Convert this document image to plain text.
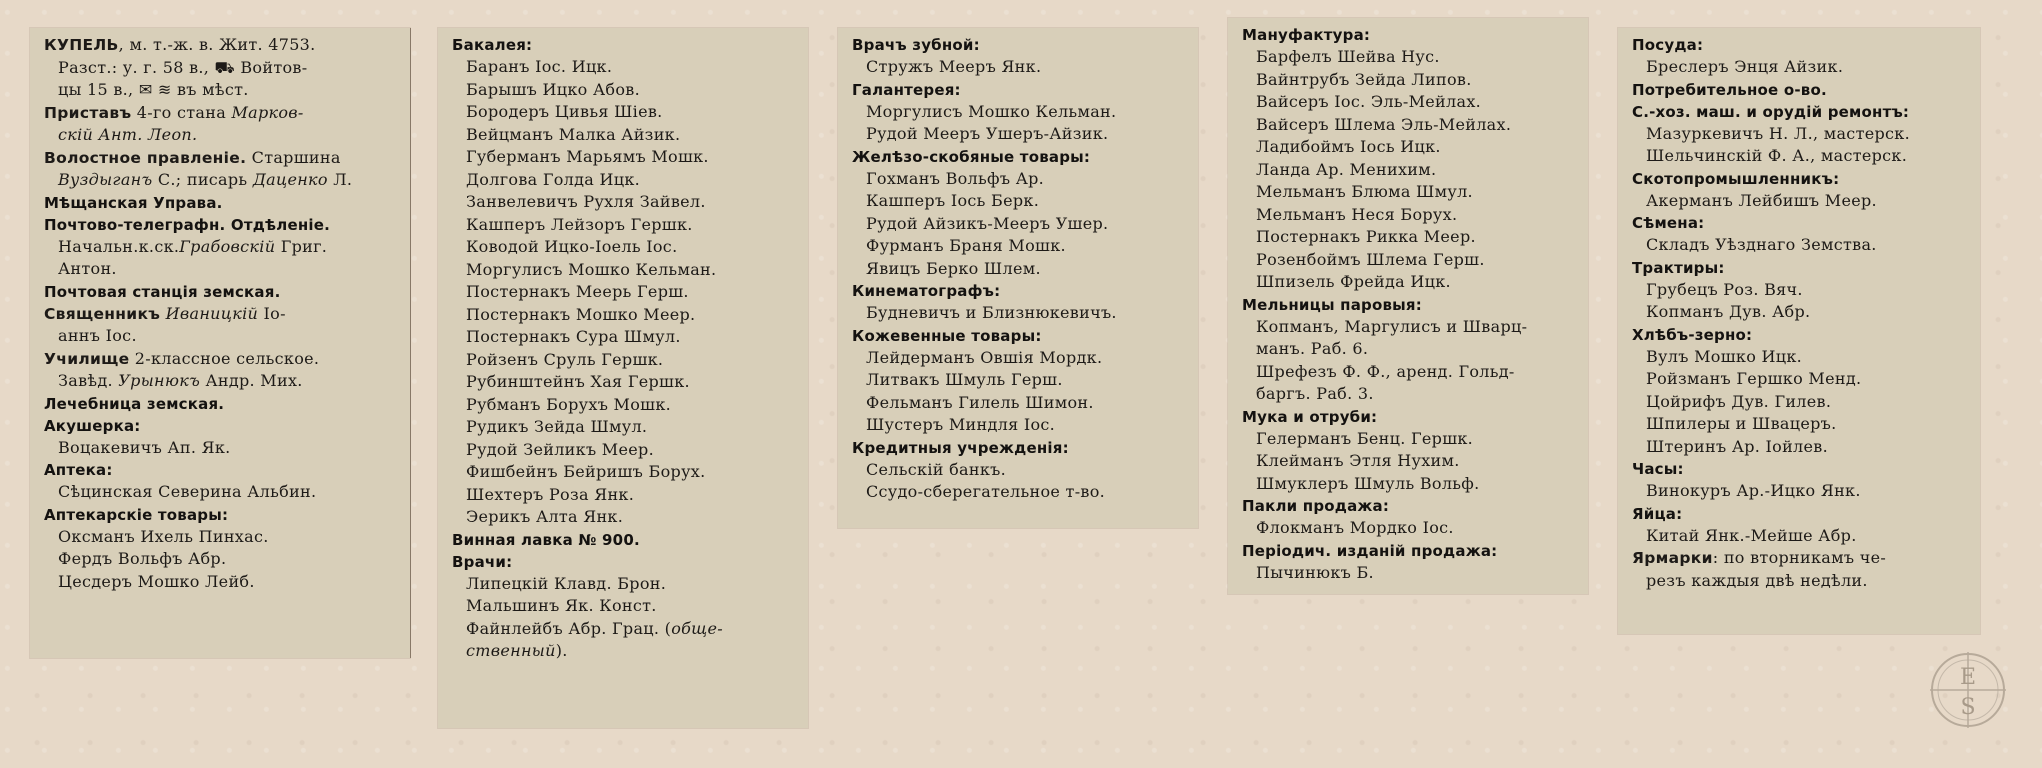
КУПЕЛЬ, м. т.-ж. в. Жит. 4753.
Разст.: у. г. 58 в., ⛟ Войтов-
цы 15 в., ✉ ≋ въ мѣст.
Приставъ 4-го стана Марков-
скій Ант. Леоп.
Волостное правленіе. Старшина
Вуздыганъ С.; писарь Даценко Л.
Мѣщанская Управа.
Почтово-телеграфн. Отдѣленіе.
Начальн.к.ск.Грабовскій Григ.
Антон.
Почтовая станція земская.
Священникъ Иваницкій Іо-
аннъ Іос.
Училище 2-классное сельское.
Завѣд. Урынюкъ Андр. Мих.
Лечебница земская.
Акушерка:
Воцакевичъ Ап. Як.
Аптека:
Сѣцинская Северина Альбин.
Аптекарскіе товары:
Оксманъ Ихель Пинхас.
Фердъ Вольфъ Абр.
Цесдеръ Мошко Лейб.
Бакалея:
Баранъ Іос. Ицк.
Барышъ Ицко Абов.
Бородеръ Цивья Шіев.
Вейцманъ Малка Айзик.
Губерманъ Марьямъ Мошк.
Долгова Голда Ицк.
Занвелевичъ Рухля Зайвел.
Кашперъ Лейзоръ Гершк.
Ководой Ицко-Іоель Іос.
Моргулисъ Мошко Кельман.
Постернакъ Меерь Герш.
Постернакъ Мошко Меер.
Постернакъ Сура Шмул.
Ройзенъ Сруль Гершк.
Рубинштейнъ Хая Гершк.
Рубманъ Борухъ Мошк.
Рудикъ Зейда Шмул.
Рудой Зейликъ Меер.
Фишбейнъ Бейришъ Борух.
Шехтеръ Роза Янк.
Эерикъ Алта Янк.
Винная лавка № 900.
Врачи:
Липецкій Клавд. Брон.
Мальшинъ Як. Конст.
Файнлейбъ Абр. Грац. (обще-
ственный).
Врачъ зубной:
Стружъ Мееръ Янк.
Галантерея:
Моргулисъ Мошко Кельман.
Рудой Мееръ Ушеръ-Айзик.
Желѣзо-скобяные товары:
Гохманъ Вольфъ Ар.
Кашперъ Іось Берк.
Рудой Айзикъ-Мееръ Ушер.
Фурманъ Браня Мошк.
Явицъ Берко Шлем.
Кинематографъ:
Будневичъ и Близнюкевичъ.
Кожевенные товары:
Лейдерманъ Овшія Мордк.
Литвакъ Шмуль Герш.
Фельманъ Гилель Шимон.
Шустеръ Миндля Іос.
Кредитныя учрежденія:
Сельскій банкъ.
Ссудо-сберегательное т-во.
Мануфактура:
Барфелъ Шейва Нус.
Вайнтрубъ Зейда Липов.
Вайсеръ Іос. Эль-Мейлах.
Вайсеръ Шлема Эль-Мейлах.
Ладибоймъ Іось Ицк.
Ланда Ар. Менихим.
Мельманъ Блюма Шмул.
Мельманъ Неся Борух.
Постернакъ Рикка Меер.
Розенбоймъ Шлема Герш.
Шпизель Фрейда Ицк.
Мельницы паровыя:
Копманъ, Маргулисъ и Шварц-
манъ. Раб. 6.
Шрефезъ Ф. Ф., аренд. Гольд-
баргъ. Раб. 3.
Мука и отруби:
Гелерманъ Бенц. Гершк.
Клейманъ Этля Нухим.
Шмуклеръ Шмуль Вольф.
Пакли продажа:
Флокманъ Мордко Іос.
Періодич. изданій продажа:
Пычинюкъ Б.
Посуда:
Бреслеръ Энця Айзик.
Потребительное о-во.
С.-хоз. маш. и орудій ремонтъ:
Мазуркевичъ Н. Л., мастерск.
Шельчинскій Ф. А., мастерск.
Скотопромышленникъ:
Акерманъ Лейбишъ Меер.
Сѣмена:
Складъ Уѣзднаго Земства.
Трактиры:
Грубецъ Роз. Вяч.
Копманъ Дув. Абр.
Хлѣбъ-зерно:
Вулъ Мошко Ицк.
Ройзманъ Гершко Менд.
Цойрифъ Дув. Гилев.
Шпилеры и Швацеръ.
Штеринъ Ар. Іойлев.
Часы:
Винокуръ Ар.-Ицко Янк.
Яйца:
Китай Янк.-Мейше Абр.
Ярмарки: по вторникамъ че-
резъ каждыя двѣ недѣли.
E
S
